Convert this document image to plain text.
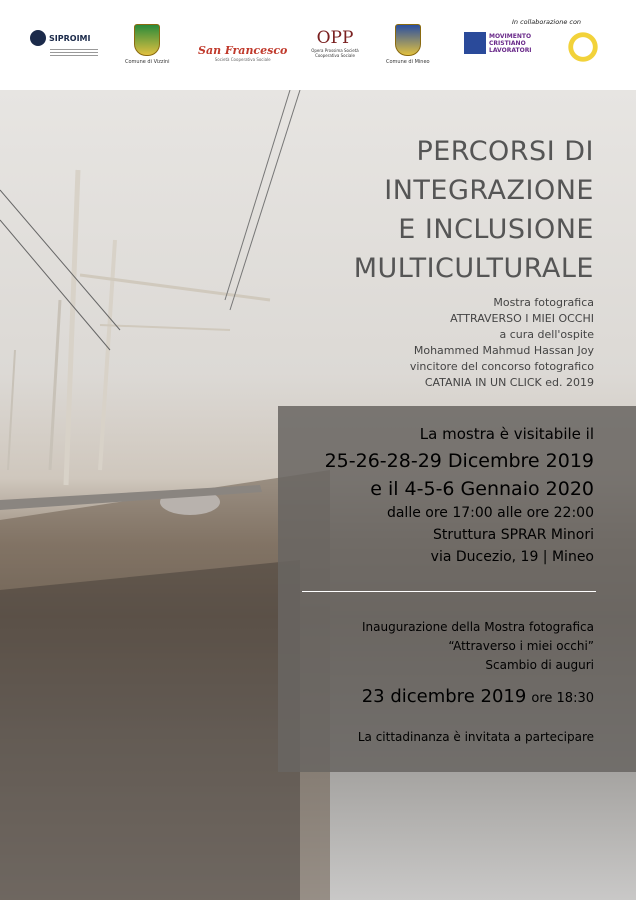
In collaborazione con
SIPROIMI
Comune di Vizzini
San Francesco
Società Cooperativa Sociale
OPP
Opera Prossima Società Cooperativa Sociale
Comune di Mineo
MOVIMENTO CRISTIANO LAVORATORI
PERCORSI DI
INTEGRAZIONE
E INCLUSIONE
MULTICULTURALE
Mostra fotografica
ATTRAVERSO I MIEI OCCHI
a cura dell'ospite
Mohammed Mahmud Hassan Joy
vincitore del concorso fotografico
CATANIA IN UN CLICK ed. 2019
La mostra è visitabile il
25-26-28-29 Dicembre 2019
e il 4-5-6 Gennaio 2020
dalle ore 17:00 alle ore 22:00
Struttura SPRAR Minori
via Ducezio, 19 | Mineo
Inaugurazione della Mostra fotografica
“Attraverso i miei occhi”
Scambio di auguri
23 dicembre 2019 ore 18:30
La cittadinanza è invitata a partecipare
